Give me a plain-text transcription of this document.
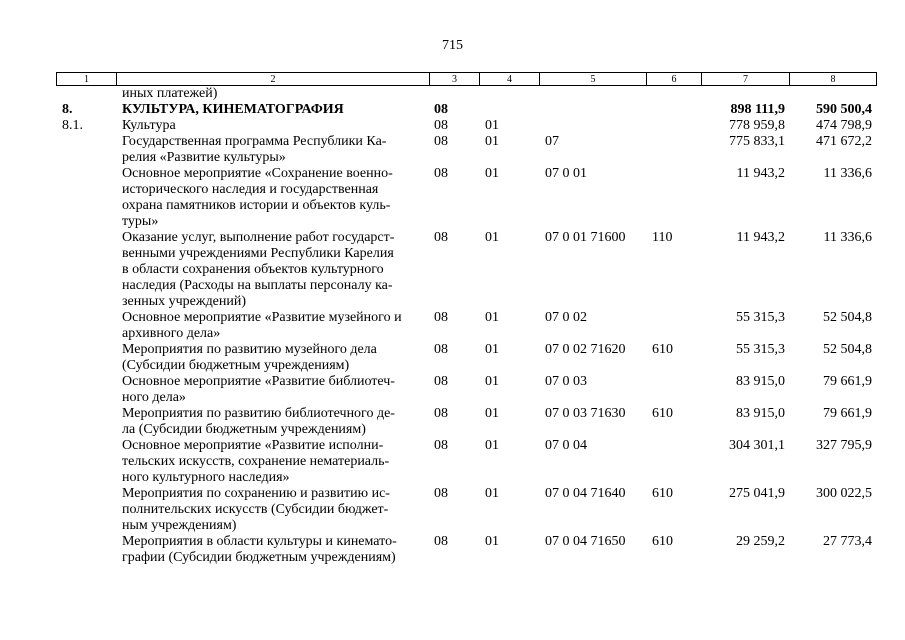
715
1	2	3	4	5	6	7	8

	иных платежей)						

8.	КУЛЬТУРА, КИНЕМАТОГРАФИЯ	08				898 111,9	590 500,4
8.1.	Культура	08	01			778 959,8	474 798,9

	Государственная программа Республики Ка-
релия «Развитие культуры»	08	01	07		775 833,1	471 672,2

	Основное мероприятие «Сохранение военно-
исторического наследия и государственная
охрана памятников истории и объектов куль-
туры»	08	01	07 0 01		11 943,2	11 336,6

	Оказание услуг, выполнение работ государст-
венными учреждениями Республики Карелия
в области сохранения объектов культурного
наследия (Расходы на выплаты персоналу ка-
зенных учреждений)	08	01	07 0 01 71600	110	11 943,2	11 336,6

	Основное мероприятие «Развитие музейного и
архивного дела»	08	01	07 0 02		55 315,3	52 504,8

	Мероприятия по развитию музейного дела
(Субсидии бюджетным учреждениям)	08	01	07 0 02 71620	610	55 315,3	52 504,8

	Основное мероприятие «Развитие библиотеч-
ного дела»	08	01	07 0 03		83 915,0	79 661,9

	Мероприятия по развитию библиотечного де-
ла (Субсидии бюджетным учреждениям)	08	01	07 0 03 71630	610	83 915,0	79 661,9

	Основное мероприятие «Развитие исполни-
тельских искусств, сохранение нематериаль-
ного культурного наследия»	08	01	07 0 04		304 301,1	327 795,9

	Мероприятия по сохранению и развитию ис-
полнительских искусств (Субсидии бюджет-
ным учреждениям)	08	01	07 0 04 71640	610	275 041,9	300 022,5

	Мероприятия в области культуры и кинемато-
графии (Субсидии бюджетным учреждениям)	08	01	07 0 04 71650	610	29 259,2	27 773,4
